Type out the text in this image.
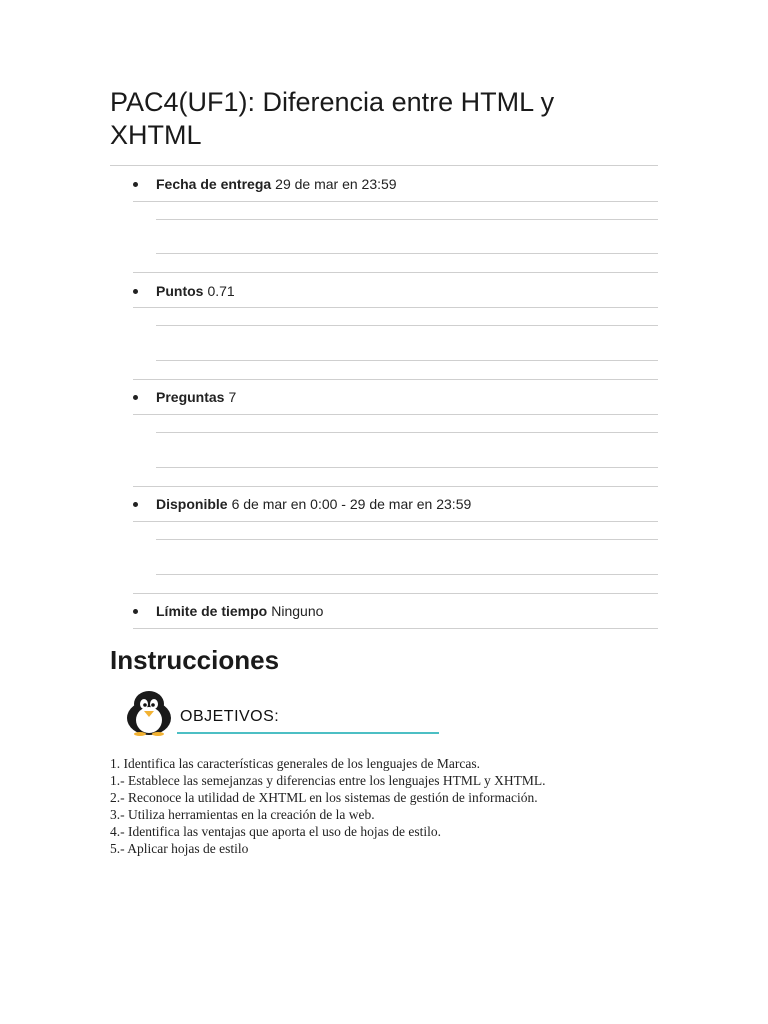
PAC4(UF1): Diferencia entre HTML y XHTML
Fecha de entrega 29 de mar en 23:59
Puntos 0.71
Preguntas 7
Disponible 6 de mar en 0:00 - 29 de mar en 23:59
Límite de tiempo Ninguno
Instrucciones
OBJETIVOS:
1. Identifica las características generales de los lenguajes de Marcas.
1.- Establece las semejanzas y diferencias entre los lenguajes HTML y XHTML.
2.- Reconoce la utilidad de XHTML en los sistemas de gestión de información.
3.- Utiliza herramientas en la creación de la web.
4.- Identifica las ventajas que aporta el uso de hojas de estilo.
5.- Aplicar hojas de estilo
